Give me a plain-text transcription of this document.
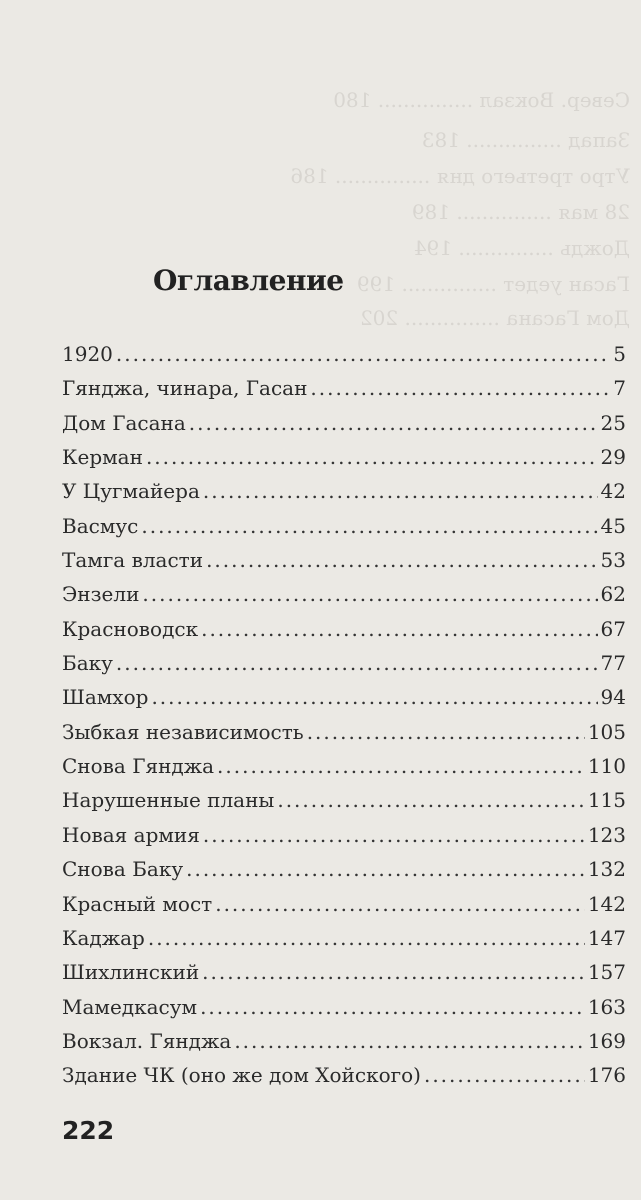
Север. Вокзал ............... 180
Запад ............... 183
Утро третьего дня ............... 186
28 мая ............... 189
Дождь ............... 194
Гасан уедет ............... 199
Дом Гасана ............... 202
Оглавление
1920 .....	5
Гянджа, чинара, Гасан .....	7
Дом Гасана .....	25
Керман .....	29
У Цугмайера .....	42
Васмус .....	45
Тамга власти .....	53
Энзели .....	62
Красноводск .....	67
Баку .....	77
Шамхор .....	94
Зыбкая независимость .....	105
Снова Гянджа .....	110
Нарушенные планы .....	115
Новая армия .....	123
Снова Баку .....	132
Красный мост .....	142
Каджар .....	147
Шихлинский .....	157
Мамедкасум .....	163
Вокзал. Гянджа .....	169
Здание ЧК (оно же дом Хойского) .....	176
222
